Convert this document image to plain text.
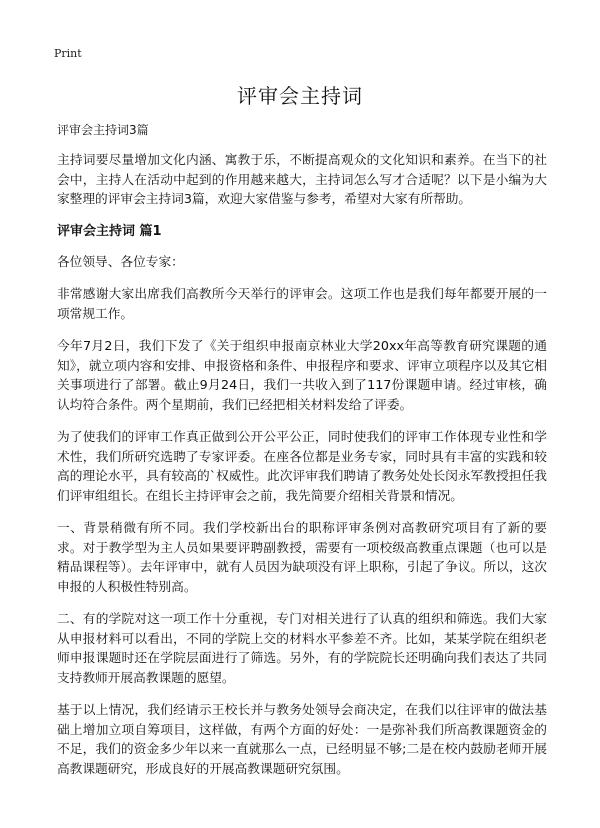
Print
评审会主持词

评审会主持词3篇

主持词要尽量增加文化内涵、寓教于乐，不断提高观众的文化知识和素养。在当下的社会中，主持人在活动中起到的作用越来越大，主持词怎么写才合适呢？以下是小编为大家整理的评审会主持词3篇，欢迎大家借鉴与参考，希望对大家有所帮助。

评审会主持词 篇1

各位领导、各位专家：

非常感谢大家出席我们高教所今天举行的评审会。这项工作也是我们每年都要开展的一项常规工作。

今年7月2日，我们下发了《关于组织申报南京林业大学20xx年高等教育研究课题的通知》，就立项内容和安排、申报资格和条件、申报程序和要求、评审立项程序以及其它相关事项进行了部署。截止9月24日，我们一共收入到了117份课题申请。经过审核，确认均符合条件。两个星期前，我们已经把相关材料发给了评委。

为了使我们的评审工作真正做到公开公平公正，同时使我们的评审工作体现专业性和学术性，我们所研究选聘了专家评委。在座各位都是业务专家，同时具有丰富的实践和较高的理论水平，具有较高的`权威性。此次评审我们聘请了教务处处长闵永军教授担任我们评审组组长。在组长主持评审会之前，我先简要介绍相关背景和情况。

一、背景稍微有所不同。我们学校新出台的职称评审条例对高教研究项目有了新的要求。对于教学型为主人员如果要评聘副教授，需要有一项校级高教重点课题（也可以是精品课程等）。去年评审中，就有人员因为缺项没有评上职称，引起了争议。所以，这次申报的人积极性特别高。

二、有的学院对这一项工作十分重视，专门对相关进行了认真的组织和筛选。我们大家从申报材料可以看出，不同的学院上交的材料水平参差不齐。比如，某某学院在组织老师申报课题时还在学院层面进行了筛选。另外，有的学院院长还明确向我们表达了共同支持教师开展高教课题的愿望。

基于以上情况，我们经请示王校长并与教务处领导会商决定，在我们以往评审的做法基础上增加立项自筹项目，这样做，有两个方面的好处：一是弥补我们所高教课题资金的不足，我们的资金多少年以来一直就那么一点，已经明显不够;二是在校内鼓励老师开展高教课题研究，形成良好的开展高教课题研究氛围。
